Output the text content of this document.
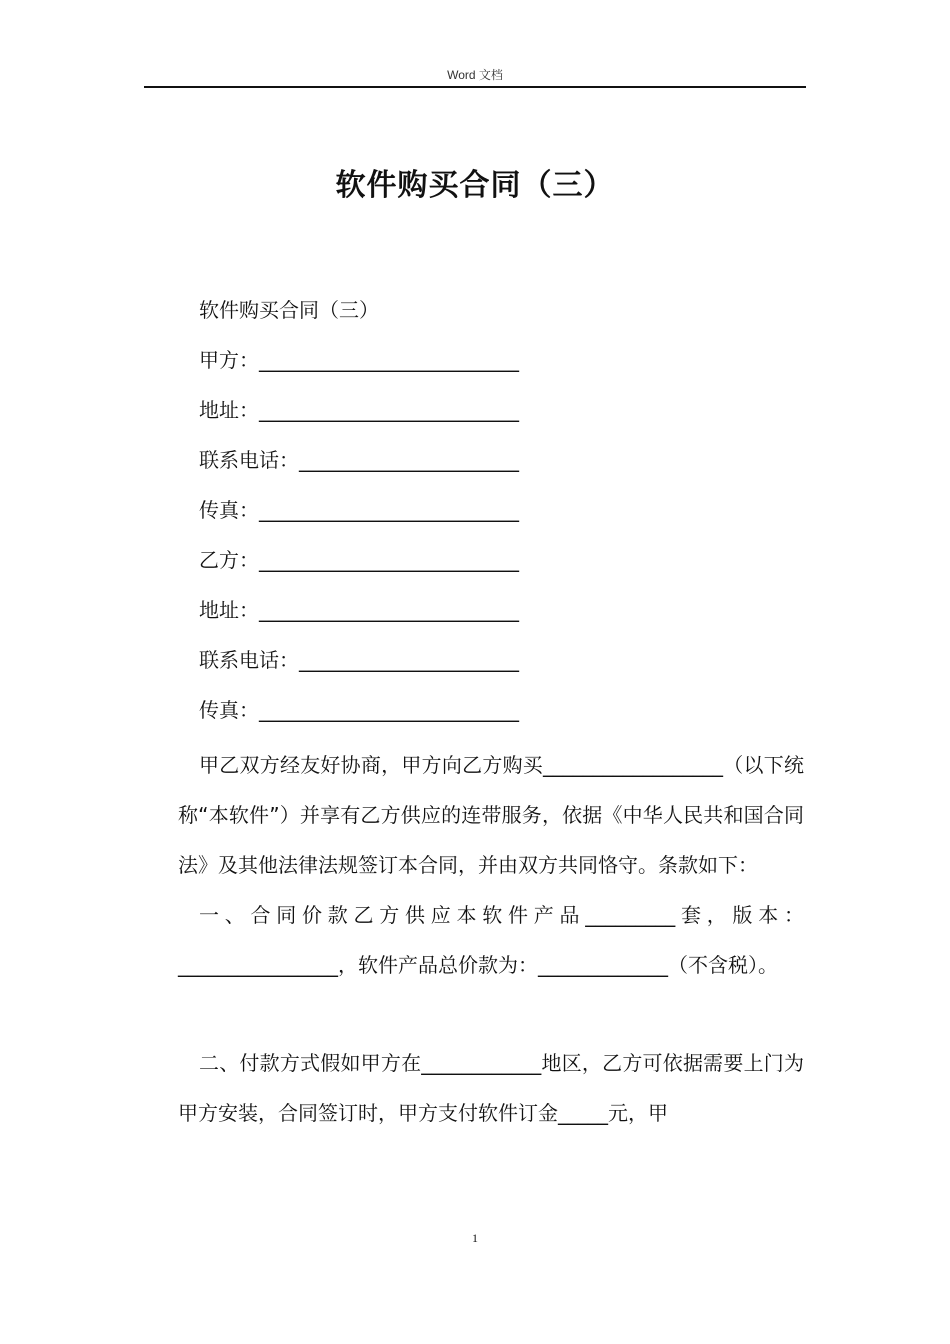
Word 文档
软件购买合同（三）
软件购买合同（三）
甲方：__________________________
地址：__________________________
联系电话：______________________
传真：__________________________
乙方：__________________________
地址：__________________________
联系电话：______________________
传真：__________________________
甲乙双方经友好协商，甲方向乙方购买__________________（以下统称“本软件”）并享有乙方供应的连带服务，依据《中华人民共和国合同法》及其他法律法规签订本合同，并由双方共同恪守。条款如下：
一、合同价款乙方供应本软件产品_________套，版本：________________，软件产品总价款为：_____________（不含税）。
二、付款方式假如甲方在____________地区，乙方可依据需要上门为甲方安装，合同签订时，甲方支付软件订金_____元，甲
1
